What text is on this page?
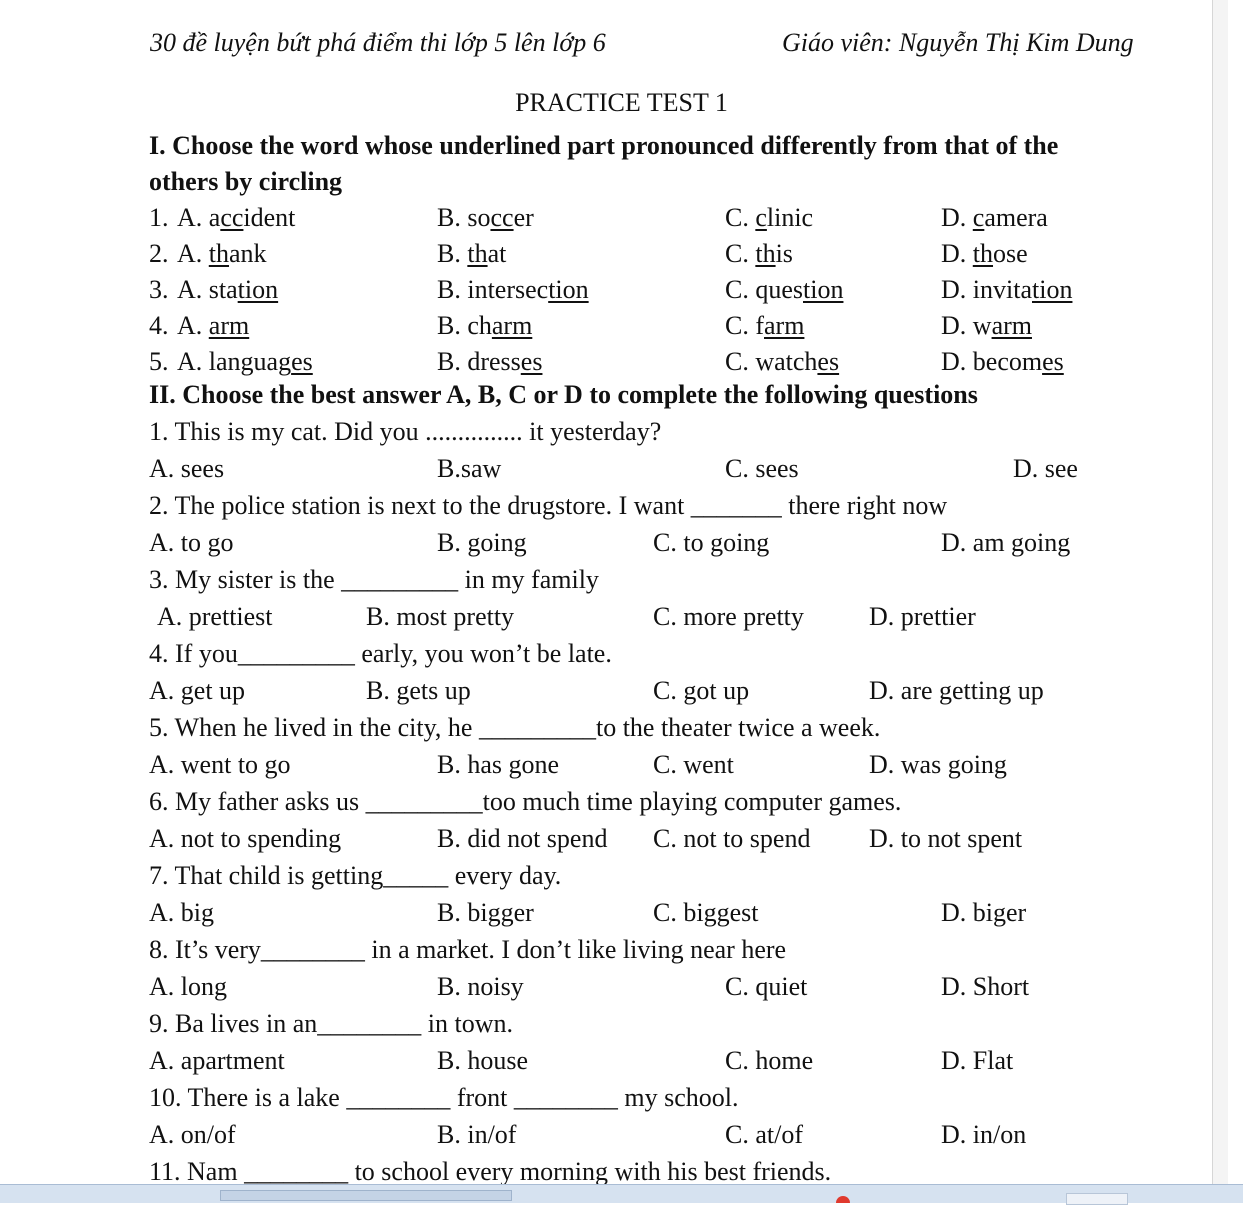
30 đề luyện bứt phá điểm thi lớp 5 lên lớp 6	Giáo viên: Nguyễn Thị Kim Dung
PRACTICE TEST 1
I. Choose the word whose underlined part pronounced differently from that of the
others by circling
1. A. accident	B. soccer	C. clinic	D. camera
2. A. thank	B. that	C. this	D. those
3. A. station	B. intersection	C. question	D. invitation
4. A. arm	B. charm	C. farm	D. warm
5. A. languages	B. dresses	C. watches	D. becomes
II. Choose the best answer A, B, C or D to complete the following questions
1. This is my cat. Did you ............... it yesterday?
A. sees	B.saw	C. sees	D. see
2. The police station is next to the drugstore. I want _______ there right now
A. to go	B. going	C. to going	D. am going
3. My sister is the _________ in my family
A. prettiest	B. most pretty	C. more pretty	D. prettier
4. If you_________ early, you won’t be late.
A. get up	B. gets up	C. got up	D. are getting up
5. When he lived in the city, he _________to the theater twice a week.
A. went to go	B. has gone	C. went	D. was going
6. My father asks us _________too much time playing computer games.
A. not to spending	B. did not spend C. not to spend D. to not spent
7. That child is getting_____ every day.
A. big	B. bigger	C. biggest	D. biger
8. It’s very________ in a market. I don’t like living near here
A. long	B. noisy	C. quiet	D. Short
9. Ba lives in an________ in town.
A. apartment	B. house	C. home	D. Flat
10. There is a lake ________ front ________ my school.
A. on/of	B. in/of	C. at/of	D. in/on
11. Nam ________ to school every morning with his best friends.
